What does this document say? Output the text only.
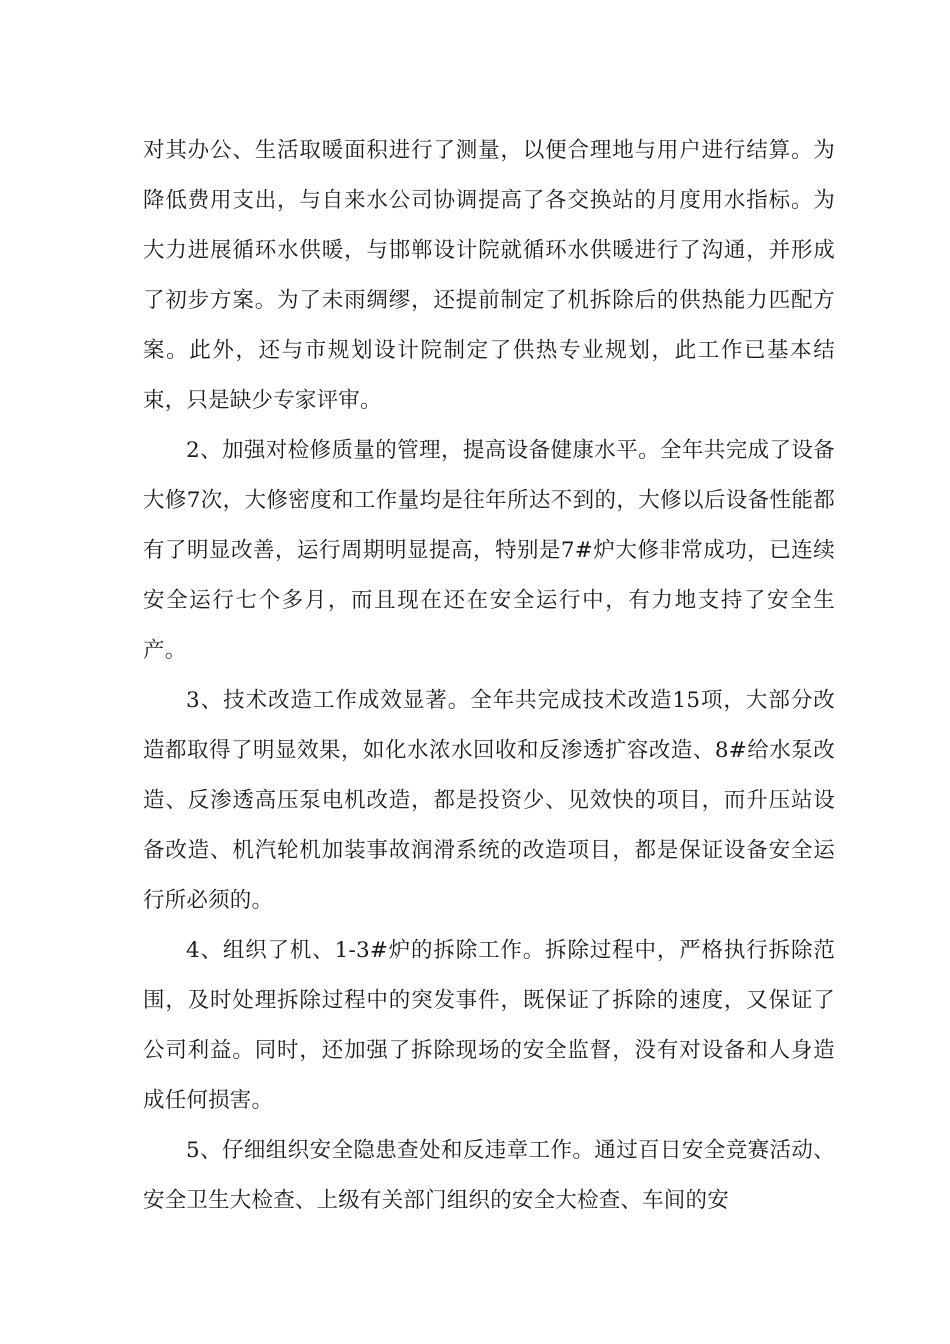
对其办公、生活取暖面积进行了测量，以便合理地与用户进行结算。为降低费用支出，与自来水公司协调提高了各交换站的月度用水指标。为大力进展循环水供暖，与邯郸设计院就循环水供暖进行了沟通，并形成了初步方案。为了未雨绸缪，还提前制定了机拆除后的供热能力匹配方案。此外，还与市规划设计院制定了供热专业规划，此工作已基本结束，只是缺少专家评审。

2、加强对检修质量的管理，提高设备健康水平。全年共完成了设备大修7次，大修密度和工作量均是往年所达不到的，大修以后设备性能都有了明显改善，运行周期明显提高，特别是7#炉大修非常成功，已连续安全运行七个多月，而且现在还在安全运行中，有力地支持了安全生产。

3、技术改造工作成效显著。全年共完成技术改造15项，大部分改造都取得了明显效果，如化水浓水回收和反渗透扩容改造、8#给水泵改造、反渗透高压泵电机改造，都是投资少、见效快的项目，而升压站设备改造、机汽轮机加装事故润滑系统的改造项目，都是保证设备安全运行所必须的。

4、组织了机、1-3#炉的拆除工作。拆除过程中，严格执行拆除范围，及时处理拆除过程中的突发事件，既保证了拆除的速度，又保证了公司利益。同时，还加强了拆除现场的安全监督，没有对设备和人身造成任何损害。

5、仔细组织安全隐患查处和反违章工作。通过百日安全竞赛活动、安全卫生大检查、上级有关部门组织的安全大检查、车间的安
